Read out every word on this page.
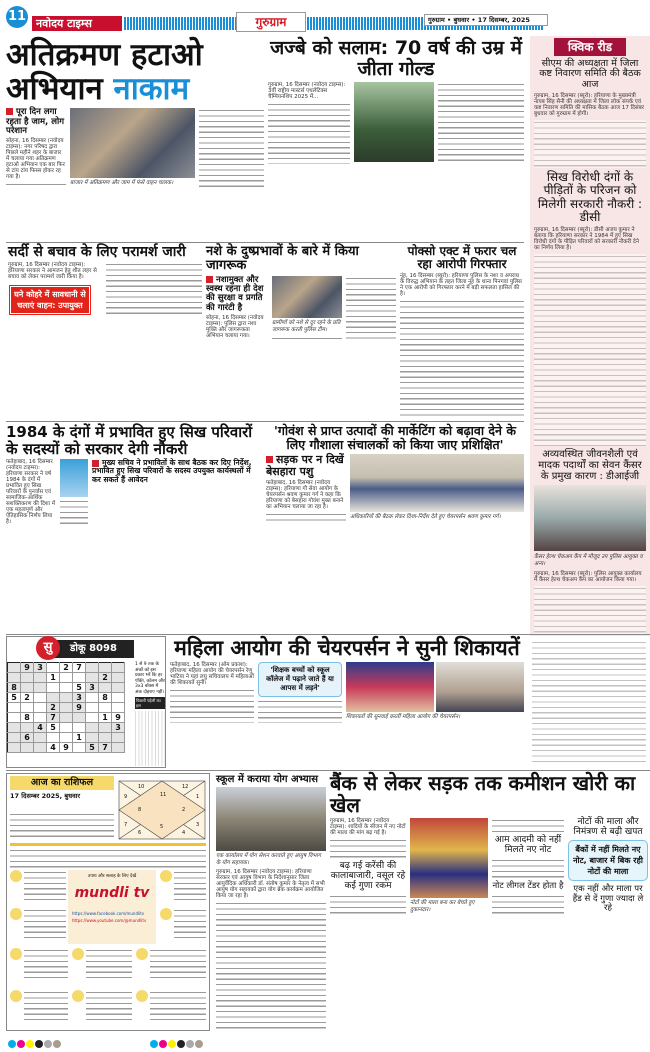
11 नवोदय टाइम्स	गुरुग्राम	गुरुग्राम • बुधवार • 17 दिसम्बर, 2025
अतिक्रमण हटाओ अभियान नाकाम
पूरा दिन लगा रहता है जाम, लोग परेशान
सोहना, 16 दिसम्बर (नवोदय टाइम्स): नगर परिषद द्वारा पिछले महीने शहर के बाजार में चलाया गया अतिक्रमण हटाओ अभियान एक बार फिर से टांय टांय फिस्स होकर रह गया है।
बाजार में अतिक्रमण और जाम में फंसे वाहन चालक।
जज्बे को सलाम: 70 वर्ष की उम्र में जीता गोल्ड
गुरुग्राम, 16 दिसम्बर (नवोदय टाइम्स): 3वीं राष्ट्रीय मास्टर्स एथलेटिक्स चैम्पियनशिप 2025 में...
क्विक रीड
सीएम की अध्यक्षता में जिला कष्ट निवारण समिति की बैठक आज
गुरुग्राम, 16 दिसम्बर (ब्यूरो): हरियाणा के मुख्यमंत्री नायब सिंह सैनी की अध्यक्षता में जिला लोक संपर्क एवं कष्ट निवारण समिति की मासिक बैठक आज 17 दिसंबर बुधवार को गुरुग्राम में होगी।
सिख विरोधी दंगों के पीड़ितों के परिजन को मिलेगी सरकारी नौकरी : डीसी
गुरुग्राम, 16 दिसम्बर (ब्यूरो): डीसी अजय कुमार ने बताया कि हरियाणा सरकार ने 1984 में हुए सिख विरोधी दंगों के पीड़ित परिवारों को सरकारी नौकरी देने का निर्णय लिया है।
अव्यवस्थित जीवनशैली एवं मादक पदार्थों का सेवन कैंसर के प्रमुख कारण : डीआईजी
कैंसर हेल्थ चेकअप कैंप में मौजूद उप पुलिस आयुक्त व अन्य।
गुरुग्राम, 16 दिसम्बर (ब्यूरो): पुलिस आयुक्त कार्यालय में कैंसर हेल्थ चेकअप कैंप का आयोजन किया गया।
सर्दी से बचाव के लिए परामर्श जारी
गुरुग्राम, 16 दिसम्बर (नवोदय टाइम्स): हरियाणा सरकार ने आमजन हेतु शीत लहर से बचाव को लेकर परामर्श जारी किया है।
घने कोहरे में सावधानी से चलाएं वाहन: उपायुक्त
नशे के दुष्प्रभावों के बारे में किया जागरूक
नशामुक्त और स्वस्थ रहना ही देश की सुरक्षा व प्रगति की गारंटी है
सोहना, 16 दिसम्बर (नवोदय टाइम्स): पुलिस द्वारा नशा मुक्ति और जागरूकता अभियान चलाया गया।
ग्रामीणों को नशे से दूर रहने के प्रति जागरूक करती पुलिस टीम।
पोक्सो एक्ट में फरार चल रहा आरोपी गिरफ्तार
नूंह, 16 दिसम्बर (ब्यूरो): हरियाणा पुलिस के नशा व अपराध के विरुद्ध अभियान के तहत जिला नूंह के थाना पिनगवां पुलिस ने एक आरोपी को गिरफ्तार करने में बड़ी सफलता हासिल की है।
1984 के दंगों में प्रभावित हुए सिख परिवारों के सदस्यों को सरकार देगी नौकरी
फतेहाबाद, 16 दिसम्बर (नवोदय टाइम्स): हरियाणा सरकार ने वर्ष 1984 के दंगों में प्रभावित हुए सिख परिवारों के पुनर्वास एवं सामाजिक-आर्थिक सशक्तिकरण की दिशा में एक महत्वपूर्ण और ऐतिहासिक निर्णय लिया है।
मुख्य सचिव ने प्रभावितों के साथ बैठक कर दिए निर्देश, प्रभावित हुए सिख परिवारों के सदस्य उपयुक्त कार्यस्थलों में कर सकते हैं आवेदन
'गोवंश से प्राप्त उत्पादों की मार्केटिंग को बढ़ावा देने के लिए गौशाला संचालकों को किया जाए प्रशिक्षित'
सड़क पर न दिखें बेसहारा पशु
फतेहाबाद, 16 दिसम्बर (नवोदय टाइम्स): हरियाणा गौ सेवा आयोग के चेयरपर्सन श्रवण कुमार गर्ग ने कहा कि हरियाणा को बेसहारा गोवंश मुक्त बनाने का अभियान चलाया जा रहा है।
अधिकारियों की बैठक लेकर दिशा-निर्देश देते हुए चेयरपर्सन श्रवण कुमार गर्ग।
डोकू 8098
सु
	9	3		2	7			
			1				2	
8					5	3		
5	2				3		8	
			2		9			
	8		7				1	9
		4	5					3
	6				1			
			4	9		5	7	
1 से 9 तक के अंकों को इस प्रकार भरें कि हर पंक्ति, कॉलम और 3x3 बॉक्स में अंक दोहराए नहीं।
पिछली पहेली का हल
महिला आयोग की चेयरपर्सन ने सुनी शिकायतें
फतेहाबाद, 16 दिसम्बर (ओम प्रकाश): हरियाणा महिला आयोग की चेयरपर्सन रेणु भाटिया ने यहां लघु सचिवालय में महिलाओं की शिकायतें सुनीं।
'शिक्षक बच्चों को स्कूल कॉलेज में पढ़ाने जाते हैं या आपस में लड़ने'
शिकायतों की सुनवाई करतीं महिला आयोग की चेयरपर्सन।
आज का राशिफल
17 दिसम्बर 2025, बुधवार	11
10
9
8
7
6
5
4
3
2
1
12
उपाय और सलाह के लिए देखें
mundli tv
https://www.facebook.com/mundlitv
https://www.youtube.com/@mundlitv
स्कूल में कराया योग अभ्यास
एक कार्यालय में योग सेशन करवाते हुए आयुष विभाग के योग सहायक।
गुरुग्राम, 16 दिसम्बर (नवोदय टाइम्स): हरियाणा सरकार एवं आयुष विभाग के निर्देशानुसार जिला आयुर्वेदिक अधिकारी डॉ. संतोष कुमार के नेतृत्व में सभी आयुष योग सहायकों द्वारा योग ब्रेक कार्यक्रम आयोजित किया जा रहा है।
बैंक से लेकर सड़क तक कमीशन खोरी का खेल
गुरुग्राम, 16 दिसम्बर (नवोदय टाइम्स): शादियों के सीजन में नए नोटों की माला की मांग बढ़ गई है।
बढ़ गई करेंसी की कालाबाजारी, वसूल रहे कई गुणा रकम
नोटों की माला बना कर बेचते हुए दुकानदार।
आम आदमी को नहीं मिलते नए नोट
नोट लीगल टेंडर होता है
नोटों की माला और निमंत्रण से बढ़ी खपत
बैंकों में नहीं मिलते नए नोट, बाजार में बिक रही नोटों की माला
एक नहीं और माला पर हैंड से दें गुणा ज्यादा ले रहे
